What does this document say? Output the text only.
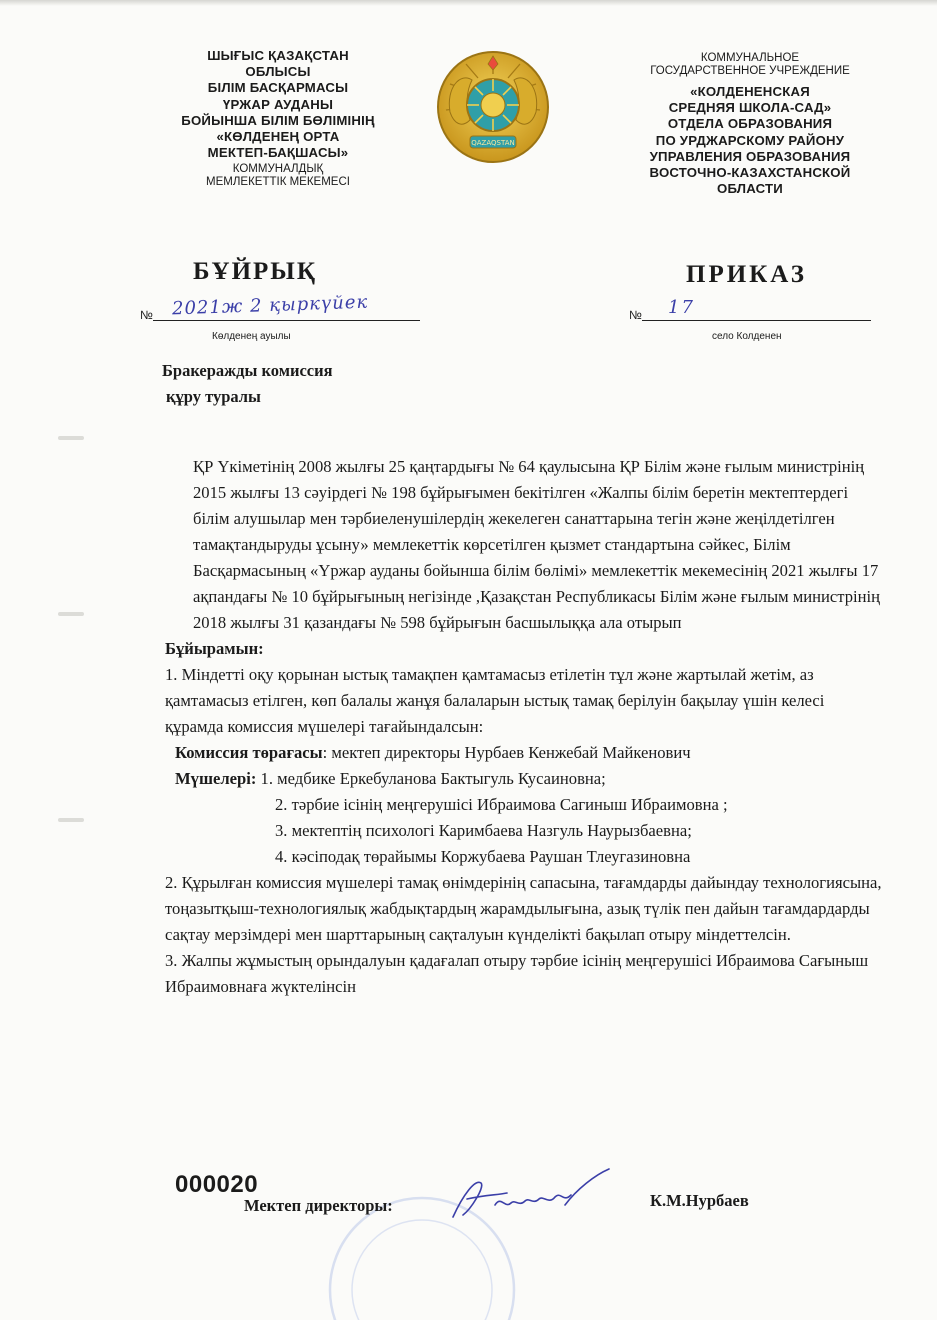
ШЫҒЫС ҚАЗАҚСТАН
ОБЛЫСЫ
БІЛІМ БАСҚАРМАСЫ
ҮРЖАР АУДАНЫ
БОЙЫНША БІЛІМ БӨЛІМІНІҢ
«КӨЛДЕНЕҢ ОРТА
МЕКТЕП-БАҚШАСЫ»
КОММУНАЛДЫҚ
МЕМЛЕКЕТТІК МЕКЕМЕСІ
QAZAQSTAN
КОММУНАЛЬНОЕ
ГОСУДАРСТВЕННОЕ УЧРЕЖДЕНИЕ
«КОЛДЕНЕНСКАЯ
СРЕДНЯЯ ШКОЛА-САД»
ОТДЕЛА ОБРАЗОВАНИЯ
ПО УРДЖАРСКОМУ РАЙОНУ
УПРАВЛЕНИЯ ОБРАЗОВАНИЯ
ВОСТОЧНО-КАЗАХСТАНСКОЙ
ОБЛАСТИ
БҰЙРЫҚ	ПРИКАЗ
№ 2021ж 2 қыркүйек	№ 17
Көлденең ауылы	село Колденен
Бракеражды комиссия
құру туралы

ҚР Үкіметінің 2008 жылғы 25 қаңтардығы № 64 қаулысына ҚР Білім және ғылым министрінің 2015 жылғы 13 сәуірдегі № 198 бұйрығымен бекітілген «Жалпы білім беретін мектептердегі білім алушылар мен тәрбиеленушілердің жекелеген санаттарына тегін және жеңілдетілген тамақтандыруды ұсыну» мемлекеттік көрсетілген қызмет стандартына сәйкес, Білім Басқармасының «Үржар ауданы бойынша білім бөлімі» мемлекеттік мекемесінің 2021 жылғы 17 ақпандағы № 10 бұйрығының негізінде ,Қазақстан Республикасы Білім және ғылым министрінің 2018 жылғы 31 қазандағы № 598 бұйрығын басшылыққа ала отырып

Бұйырамын:

1. Міндетті оқу қорынан ыстық тамақпен қамтамасыз етілетін тұл және жартылай жетім, аз қамтамасыз етілген, көп балалы жанұя балаларын ыстық тамақ берілуін бақылау үшін келесі құрамда комиссия мүшелері тағайындалсын:

Комиссия төрағасы: мектеп директоры Нурбаев Кенжебай Майкенович

Мүшелері: 1. медбике Еркебуланова Бактыгуль Кусаиновна;

2. тәрбие ісінің меңгерушісі Ибраимова Сагиныш Ибраимовна ;

3. мектептің психологі Каримбаева Назгуль Наурызбаевна;

4. кәсіподақ төрайымы Коржубаева Раушан Тлеугазиновна

2. Құрылған комиссия мүшелері тамақ өнімдерінің сапасына, тағамдарды дайындау технологиясына, тоңазытқыш-технологиялық жабдықтардың жарамдылығына, азық түлік пен дайын тағамдардарды сақтау мерзімдері мен шарттарының сақталуын күнделікті бақылап отыру міндеттелсін.

3. Жалпы жұмыстың орындалуын қадағалап отыру тәрбие ісінің меңгерушісі Ибраимова Сағыныш Ибраимовнаға жүктелінсін

000020
Мектеп директоры:	К.М.Нурбаев
